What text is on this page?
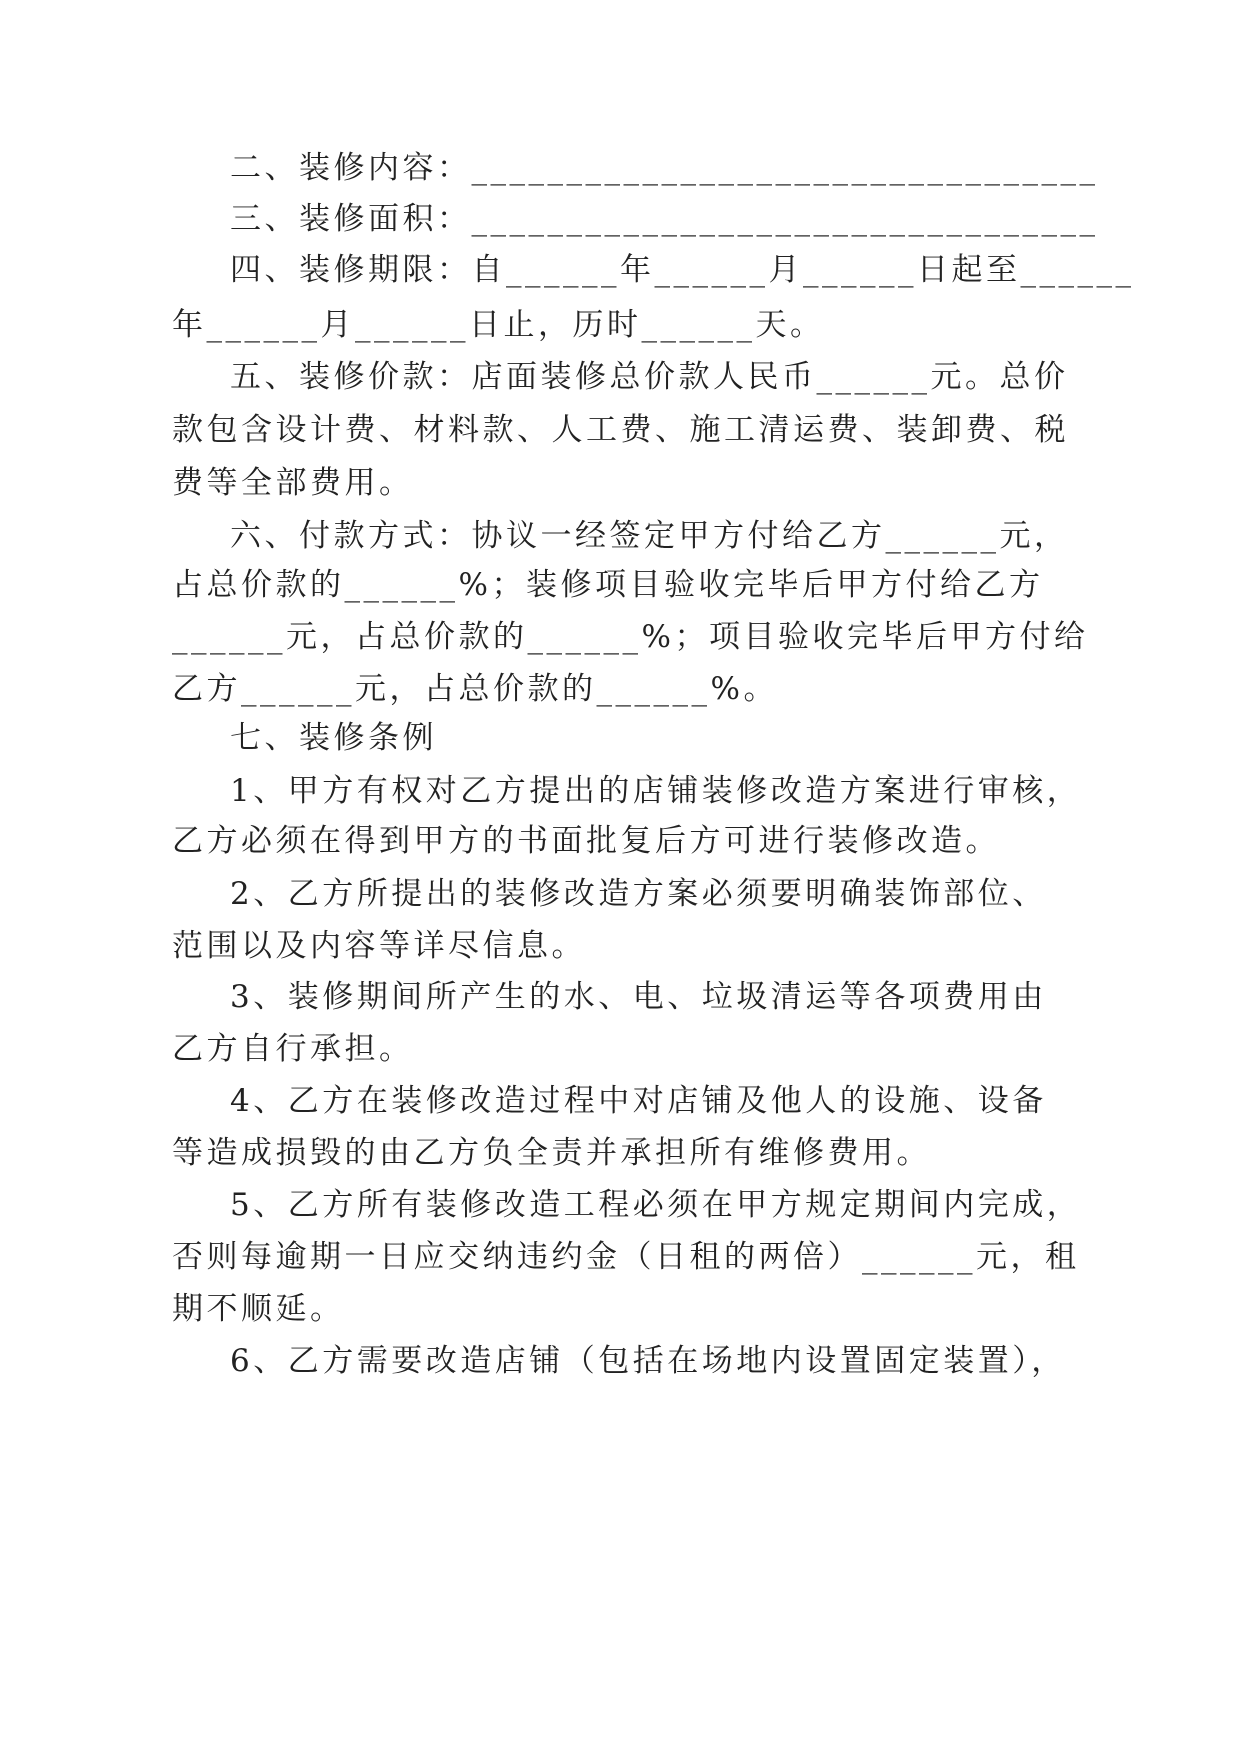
二、装修内容：_________________________________
三、装修面积：_________________________________
四、装修期限：自______年______月______日起至______
年______月______日止，历时______天。
五、装修价款：店面装修总价款人民币______元。总价
款包含设计费、材料款、人工费、施工清运费、装卸费、税
费等全部费用。
六、付款方式：协议一经签定甲方付给乙方______元，
占总价款的______%；装修项目验收完毕后甲方付给乙方
______元，占总价款的______%；项目验收完毕后甲方付给
乙方______元，占总价款的______%。
七、装修条例
1、甲方有权对乙方提出的店铺装修改造方案进行审核，
乙方必须在得到甲方的书面批复后方可进行装修改造。
2、乙方所提出的装修改造方案必须要明确装饰部位、
范围以及内容等详尽信息。
3、装修期间所产生的水、电、垃圾清运等各项费用由
乙方自行承担。
4、乙方在装修改造过程中对店铺及他人的设施、设备
等造成损毁的由乙方负全责并承担所有维修费用。
5、乙方所有装修改造工程必须在甲方规定期间内完成，
否则每逾期一日应交纳违约金（日租的两倍）______元，租
期不顺延。
6、乙方需要改造店铺（包括在场地内设置固定装置），
